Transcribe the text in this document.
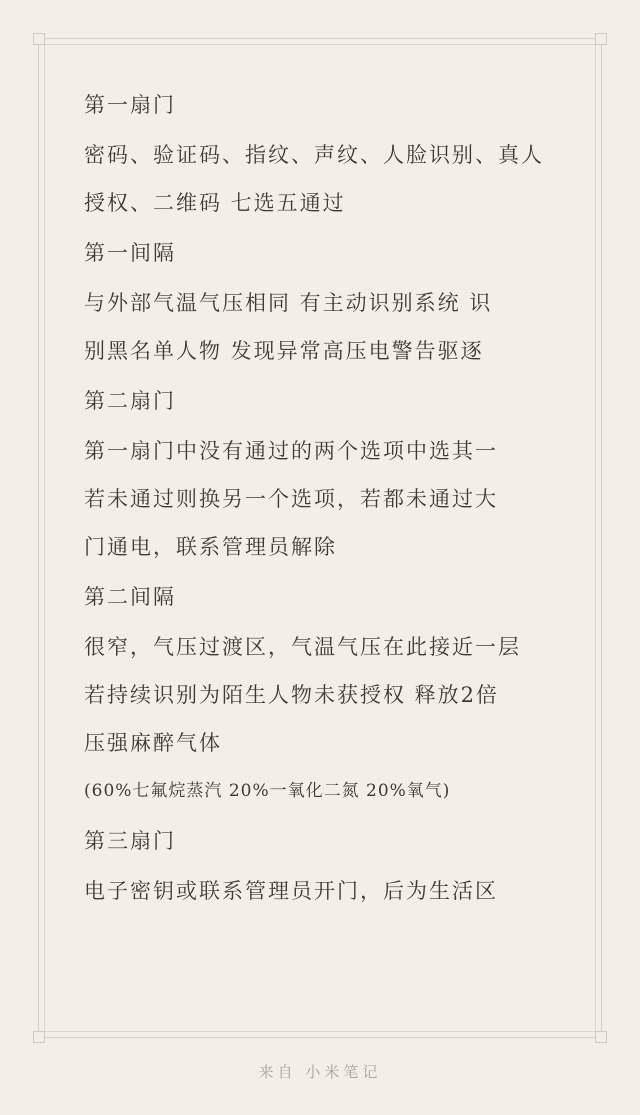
第一扇门
密码、验证码、指纹、声纹、人脸识别、真人
授权、二维码 七选五通过
第一间隔
与外部气温气压相同 有主动识别系统 识
别黑名单人物 发现异常高压电警告驱逐
第二扇门
第一扇门中没有通过的两个选项中选其一
若未通过则换另一个选项，若都未通过大
门通电，联系管理员解除
第二间隔
很窄，气压过渡区，气温气压在此接近一层
若持续识别为陌生人物未获授权 释放2倍
压强麻醉气体
(60%七氟烷蒸汽 20%一氧化二氮 20%氧气)
第三扇门
电子密钥或联系管理员开门，后为生活区
来自 小米笔记
